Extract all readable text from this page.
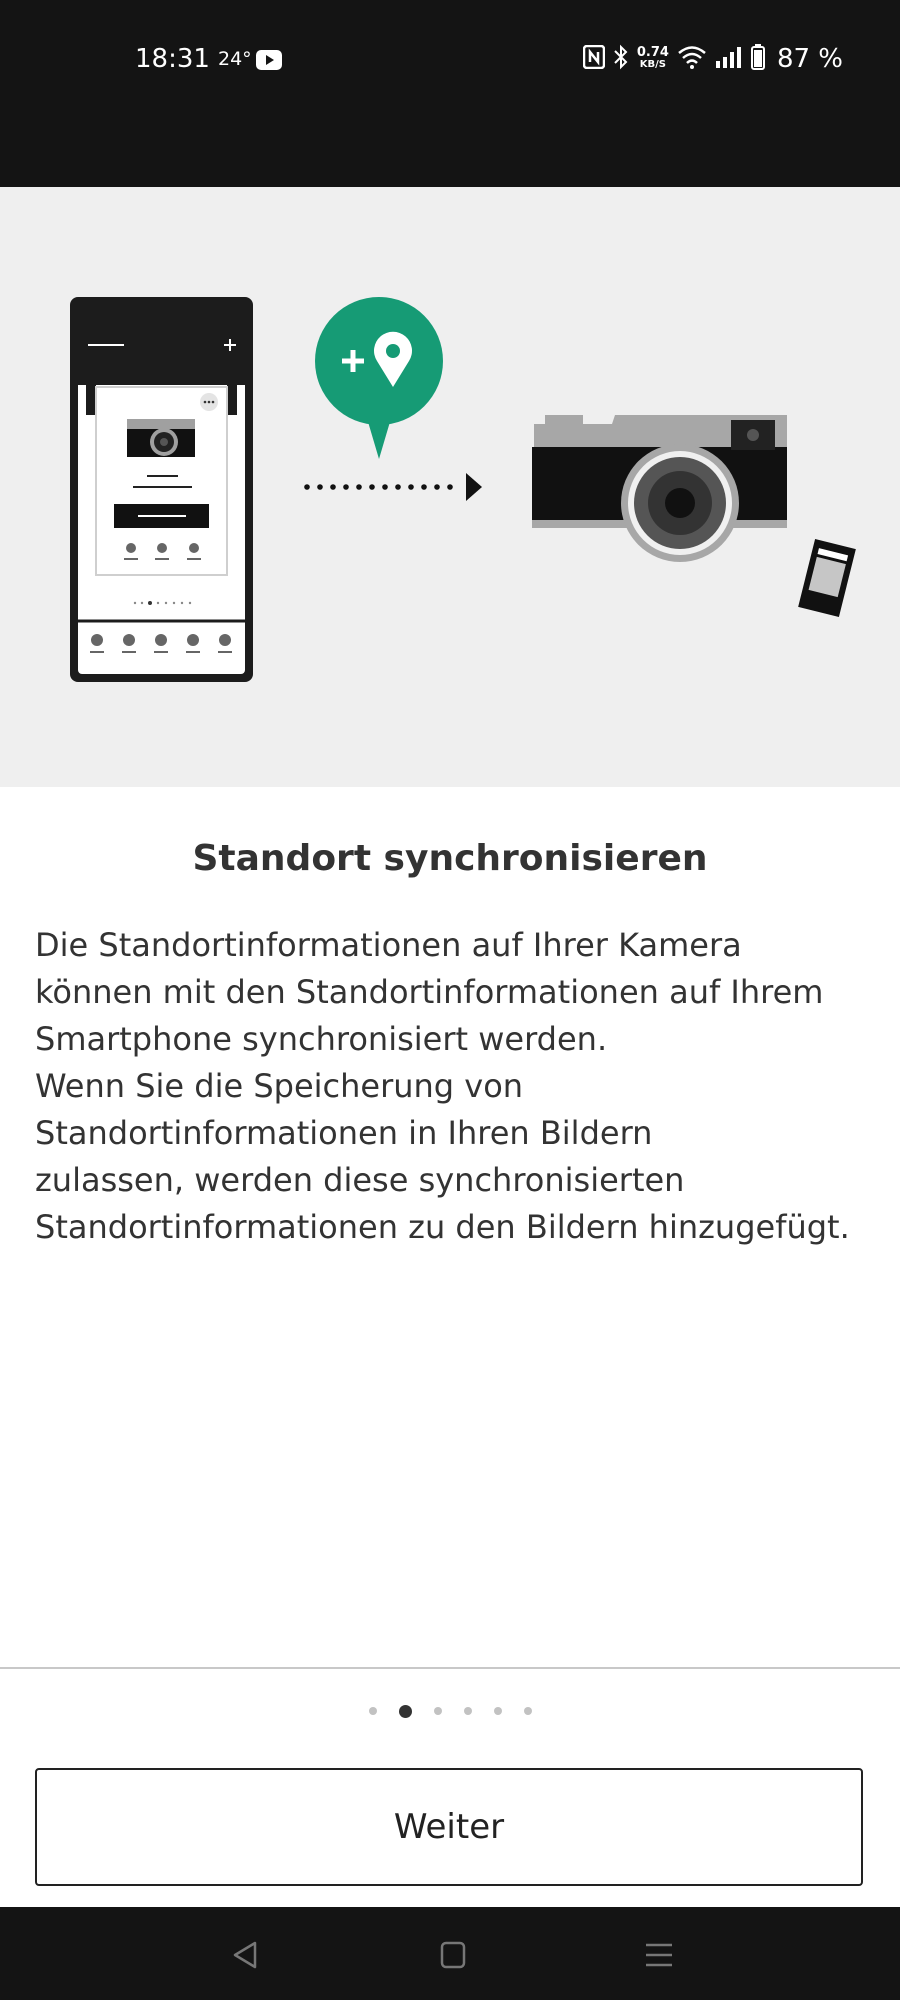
18:31 24°	0.74
KB/S	87 %
Standort synchronisieren
Die Standortinformationen auf Ihrer Kamera
können mit den Standortinformationen auf Ihrem
Smartphone synchronisiert werden.
Wenn Sie die Speicherung von
Standortinformationen in Ihren Bildern
zulassen, werden diese synchronisierten
Standortinformationen zu den Bildern hinzugefügt.
Weiter
